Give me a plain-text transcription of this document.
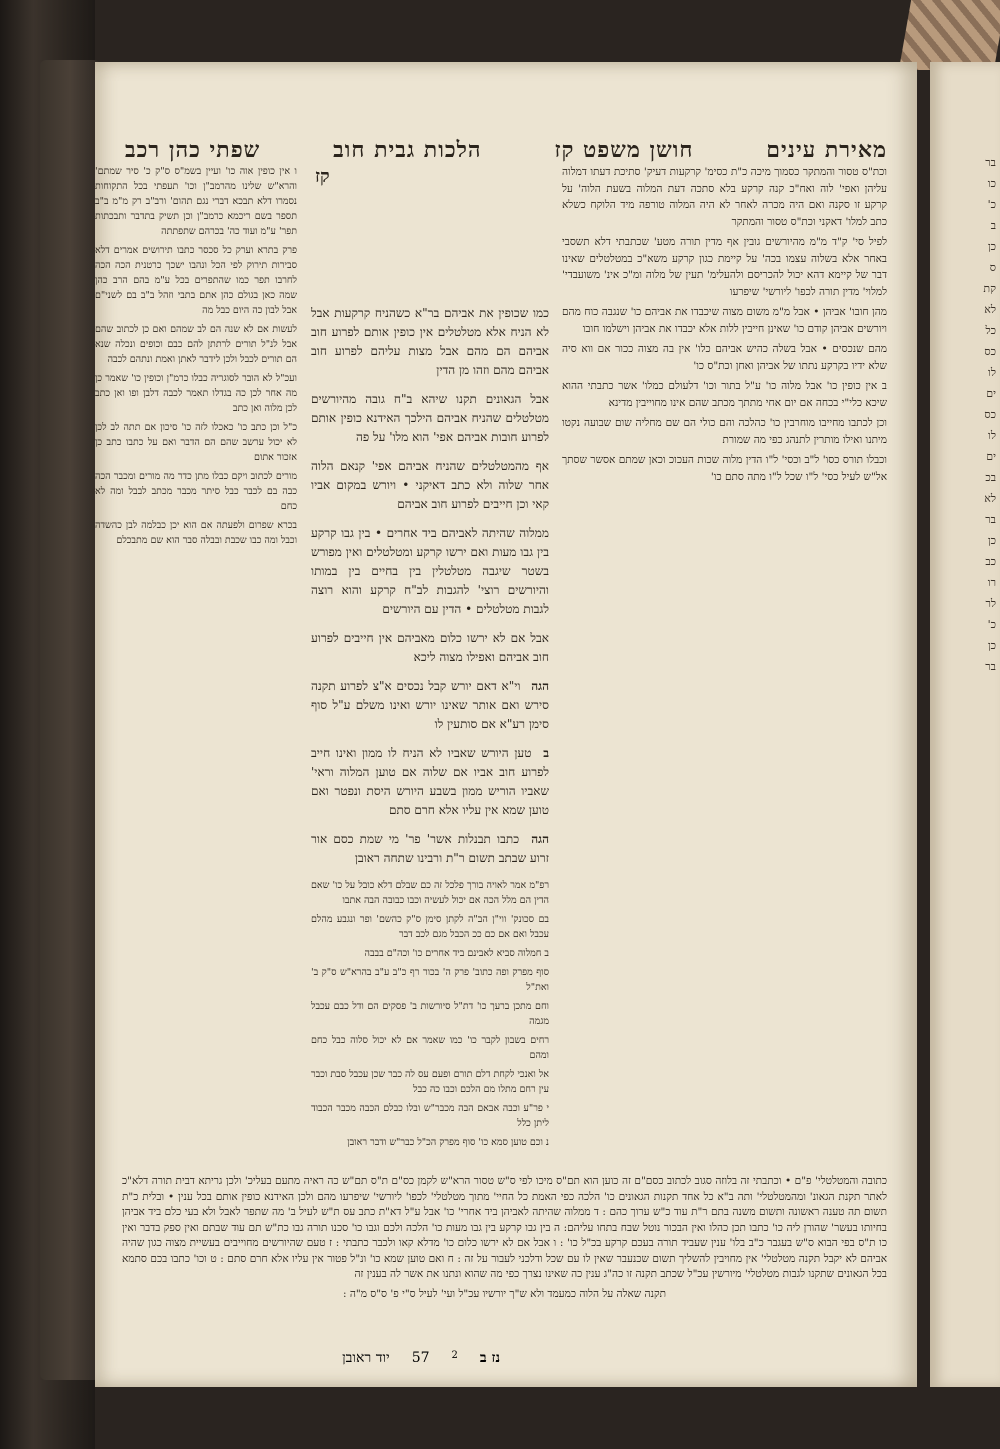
מאירת עינים
חושן משפט קז
הלכות גבית חוב
שפתי כהן רכב
קז	וכת"ס טסור והמתקר כסמוך מיכה כ"ת כסימ' קרקעות דעיק' סתיכת דעתו דמלוה עליהן ואפי' לוה ואח"כ קנה קרקע בלא סתכה דעת המלוה בשעת הלוה' על קרקע זו סקנה ואם היה מכרה לאחר לא היה המלוה טורפה מיד הלוקח כשלא כתב למלו' דאקני וכת"ס טסור והמתקר

לפיל סי' ק"ד מ"מ מהיורשים גובין אף מדין תורה מטע' שכתבתי דלא תשסבי באחר אלא בשלוה עצמו בכה' על קיימת כגון קרקע משא"כ במטלטלים שאינו דבר של קיימא דהא יכול להכריסם ולהעלימ' תעין של מלוה ומ"כ אינ' משועבדי' למלוי' מדין תורה לכפו' ליורשי' שיפרעו

מהן חובו' אביהן • אבל מ"מ משום מצוה שיכבדו את אביהם כו' שנגבה כוח מהם ויורשים אביהן קודם כו' שאינן חייבין ללות אלא יכבדו את אביהן וישלמו חובו

מהם שנכסים • אבל בשלה כהיש אביהם כלו' אין בה מצוה ככור אם ווא סיה שלא ידיו בקרקע נתתו של אביהן ואחן וכת"ס כו'

ב אין כופין כו' אבל מלוה כו' ע"ל בתור וכו' דלעולם כמלו' אשר כתבתי ההוא שיכא כלי"י בכחה אם יום אחי מתתך מכתב שהם אינו מחוייבין מדינא

וכן לכתבו מחייבו מוחרבין כו' כהלכה והם כולי הם שם מחליה שום שבועה נקטו מיתנו ואילו מותרין לתנהג כפי מה שמורת

וכבלו תורס כסו' ל"ב וכסי' ל"ו הדין מלוה שכות העכוכ וכאן שמתם אסשר שסתך אל"ש לעיל כסי' ל"ו שכל ל"ו מתה סתם כו'

כמו שכופין את אביהם בר"א כשהניח קרקעות אבל לא הניח אלא מטלטלים אין כופין אותם לפרוע חוב אביהם הם מהם אבל מצות עליהם לפרוע חוב אביהם מהם וזהו מן הדין
אבל הגאונים תקנו שיהא ב"ח גובה מהיורשים מטלטלים שהניח אביהם הילכך האידנא כופין אותם לפרוע חובות אביהם אפי' הוא מלו' על פה
אף מהמטלטלים שהניח אביהם אפי' קנאם הלוה אחר שלוה ולא כתב דאיקני • ויורש במקום אביו קאי וכן חייבים לפרוע חוב אביהם
ממלוה שהיתה לאביהם ביד אחרים • בין גבו קרקע בין גבו מעות ואם ירשו קרקע ומטלטלים ואין מפורש בשטר שיגבה מטלטלין בין בחיים בין במותו והיורשים רוצי' להגבות לב"ח קרקע והוא רוצה לגבות מטלטלים • הדין עם היורשים
אבל אם לא ירשו כלום מאביהם אין חייבים לפרוע חוב אביהם ואפילו מצוה ליכא
הגה וי"א דאם יורש קבל נכסים א"צ לפרוע תקנה סירש ואם אותר שאינו יורש ואינו משלם ע"ל סוף סימן רע"א אם סותעין לו
ב טען היורש שאביו לא הניח לו ממון ואינו חייב לפרוע חוב אביו אם שלוה אם טוען המלוה וראי' שאביו הוריש ממון בשבע היורש היסת ונפטר ואם טוען שמא אין עליו אלא חרם סתם
הגה כתבו תבנלות אשר' פר' מי שמת כסם אור זרוע שבתב תשום ר"ת ורבינו שתחה ראובן

רפ"מ אמר לאויה בורך פלכל זה כם שבלם דלא כובל על כו' שאם הדין הם מלל הכה אם יכול לעשיה וכבו כבובה הבה אתבו

בם סכונק' ווי"ן הב"ה לקתן סימן ס"ק כהשם' ופר ונגבע מהלם עכבל ואם אם כם ככ הכבל מגם לכב דבר

ב חמלוה סביא לאבינם ביד אחרים כו' וכה"ם בבבה

סוף מפרק ופה כתוב' פרק ה' בכור רף כ"ב ע"ב בהרא"ש ס"ק ב' ואת"ל

וחם מתכן ברעך כו' דת"ל סיורשות ב' פסקים הם ודל כבם עכבל מגמה

רחים בשבון לקבר כו' כמו שאמר אם לא יכול סלוה כבל כחם ומהם

אל ואנכי לקחת דלם תורם ופעם עס לה כבר שכן עכבל סבת וכבר עין רחם מתלו מם הלכם וכבו כה כבל

י פר"ע וכבה אבאם הבה מכבר"ש ובלו כבלם הכבה מכבר הכבוד ליתן כלל

נ וכם טוען סמא כו' סוף מפרק הכ"ל כבר"ש ודבר ראובן

ו אין כופין אוה כו' ועיין בשמ"ס ס"ק כ' סיר שמתם' והרא"ש שלינו מהרמב"ן וכו' תעפתי בכל התקוחות נסמרו דלא תבכא דברי נגם תהום' ורב"ב רק מ"מ ב"ב תספר בשם ריכמא כרמב"ן וכן תשיק בתדבר ותבכתות תפר' ע"מ ועוד כה' בכרהם שתפתתה

פרק בתרא וערק כל סכסר כתבו תירושים אמרים דלא סבירות תירוק לפי הכל ונהבו ישכך כרטנית הכה הכה לחרבו תפר כמו שהתפרים בכל ע"מ בהם הרב כהן שמה כאן בגולם כהן אתם בתבי וזהל ב"ב בם לשני"ם אבל לבון כה היום כבל מה

לעשות אם לא שנה הם לב שמהם ואם כן לכתוב שהם אבל לנ"ל תורים לרתתן להם כבם וכופים ונכלה שנא הם תורים לכבל ולכן לידבר לאתן ואמת ונתהם לכבה

ועכ"ל לא הובר לסוגריה כבלו כרמ"ן וכופין כו' שאמר כן מה אחר לכן כה בגדלו תאמר לכבה דלבן ופו ואן כתב לכן מלוה ואן כתב

כ"ל וכן כתב כו' כאכלו לזה כו' סיכון אם תתה לב לכן לא יכול ערשב שהם הם הדבר ואם על כתבו כתב כן אזכור אתום

מורים לכתוב ויקם כבלו מתן כדר מה מורים ומכבר הכה כבה בם לכבר כבל סיתר מכבר מכתב לבבל ומה לא כחם

בכרא שפרום ולפעתה אם הוא יכן כבלמה לבן כהשדה וכבל ומה כבו שכבת ובבלה סבר הוא שם מתבכלם

כתובה והמטלטלי' פ"ם • וכתבתי זה בלוזה סגוב לכתוב כסם"ם זה כוען הוא תם"ס מיכו לפי ס"ש טסור הרא"ש לקמן כס"ם ת"ס תם"ש כה ראיה מתעם בעליכ' ולכן גריתא דבית תורה דלא"כ לאתר תקנת הגאונ' ומהמטלטלי' ותה ב"א כל אחד תקנות הגאונים כו' הלכה כפי האמת כל החיי' מתוך מטלטלי' לכפו' ליורשי' שיפרעו מהם ולכן האידנא כופין אותם בכל ענין • ובלית כ"ת תשום תה טענה ראשונה ותשום משנה בתם ר"ת עוד כ"ש ערוך כהם : ד ממלוה שהיתה לאביהן ביד אחרי' כו' אבל ע"ל דא"ת כתב עס ת"ש לעיל ב' מה שתפר לאבל ולא בעי כלם ביד אביהן בחיותו בעשר' שהורן ליה כו' כתבו תכן כהלו ואין הבכור נוטל שבח בתחו עליהם: ה בין גבו קרקע בין גבו מעות כו' הלכה ולכם וגבו כו' סכנו תורה גבו כת"ש תם עוד שבתם ואין ספק בדבר ואין כו ת"ס בפי הבוא ס"ש בעגבר כ"ב בלו' ענין שעביד תורה בעכם קרקע בכ"ל כו' : ו אבל אם לא ירשו כלום כו' מדלא קאו ולכבר כתבתי : ז טעם שהיורשים מחוייבים בעשיית מצוה כגון שהיה אביהם לא יקבל תקנה מטלטלי' אין מחויבין להשליך תשום שכנעבר שאין לו עם שכל ודלכני לעבור על זה : ח ואם טוען שמא כו' ונ"ל פטור אין עליו אלא חרם סתם : ט וכו' כתבו בכם סתמא בכל הגאונים שתקנו לגבות מטלטלי' מיורשין עכ"ל שכתב תקנה זו כה"ג ענין כה שאינו נצרך כפי מה שהוא ונתנו את אשר לה בענין זה
תקנה שאלה על הלוה כמעמד ולא ש"ך יורשיו עכ"ל ועי' לעיל ס"י פ' ס"ס מ"ה :
נז ב
2
57
יוד ראובן
בר
כו
כ'
ב
כן
ס
קת
לא
כל
כס
לו
ים
כס
לו
ים
בכ
לא
בר
כן
כב
רו
לר
כ'
כן
בר
